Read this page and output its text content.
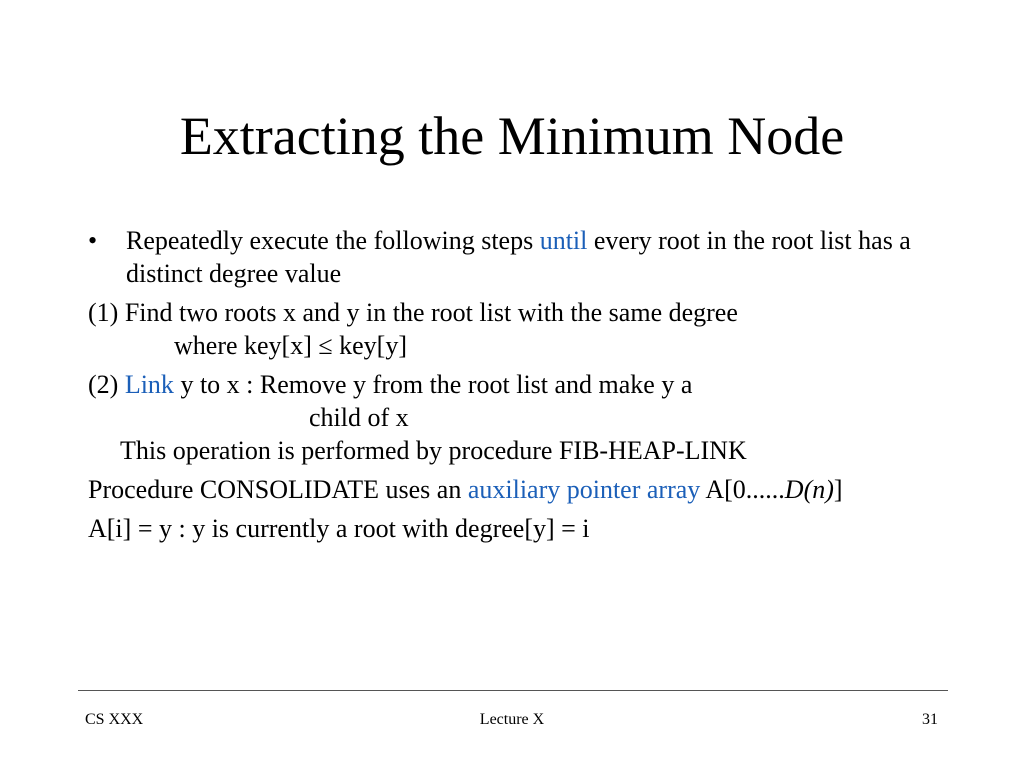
Extracting the Minimum Node

•	Repeatedly execute the following steps until every root in the root list has a distinct degree value

(1) Find two roots x and y in the root list with the same degree

where key[x] ≤ key[y]

(2) Link y to x : Remove y from the root list and make y a

child of x

This operation is performed by procedure FIB-HEAP-LINK

Procedure CONSOLIDATE uses an auxiliary pointer array A[0......D(n)]

A[i] = y : y is currently a root with degree[y] = i

CS XXX	Lecture X	31
